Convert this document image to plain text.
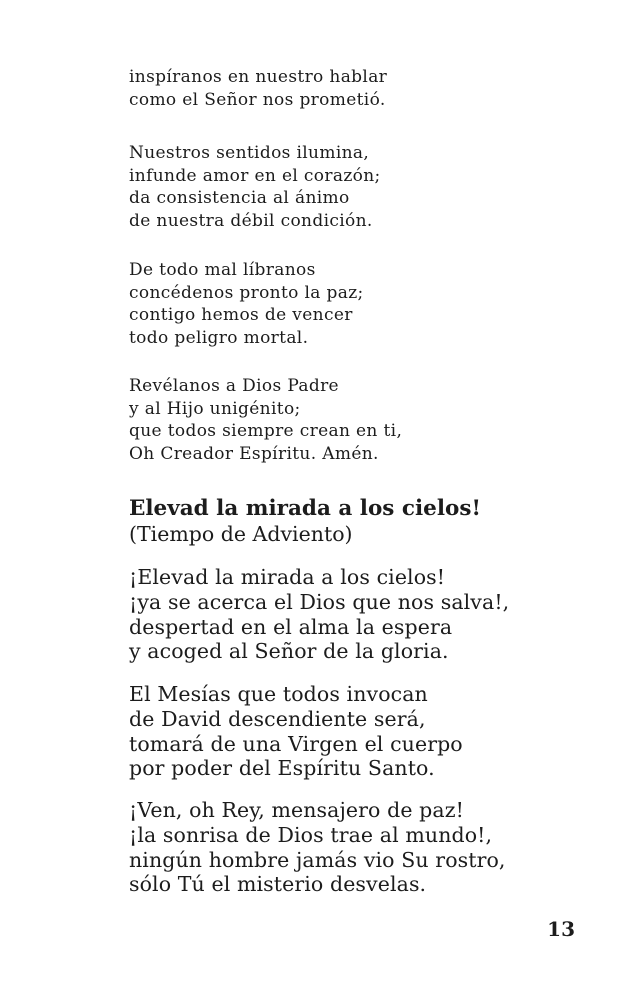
inspíranos en nuestro hablar
como el Señor nos prometió.
Nuestros sentidos ilumina,
infunde amor en el corazón;
da consistencia al ánimo
de nuestra débil condición.
De todo mal líbranos
concédenos pronto la paz;
contigo hemos de vencer
todo peligro mortal.
Revélanos a Dios Padre
y al Hijo unigénito;
que todos siempre crean en ti,
Oh Creador Espíritu. Amén.
Elevad la mirada a los cielos!
(Tiempo de Adviento)
¡Elevad la mirada a los cielos!
¡ya se acerca el Dios que nos salva!,
despertad en el alma la espera
y acoged al Señor de la gloria.
El Mesías que todos invocan
de David descendiente será,
tomará de una Virgen el cuerpo
por poder del Espíritu Santo.
¡Ven, oh Rey, mensajero de paz!
¡la sonrisa de Dios trae al mundo!,
ningún hombre jamás vio Su rostro,
sólo Tú el misterio desvelas.
13
